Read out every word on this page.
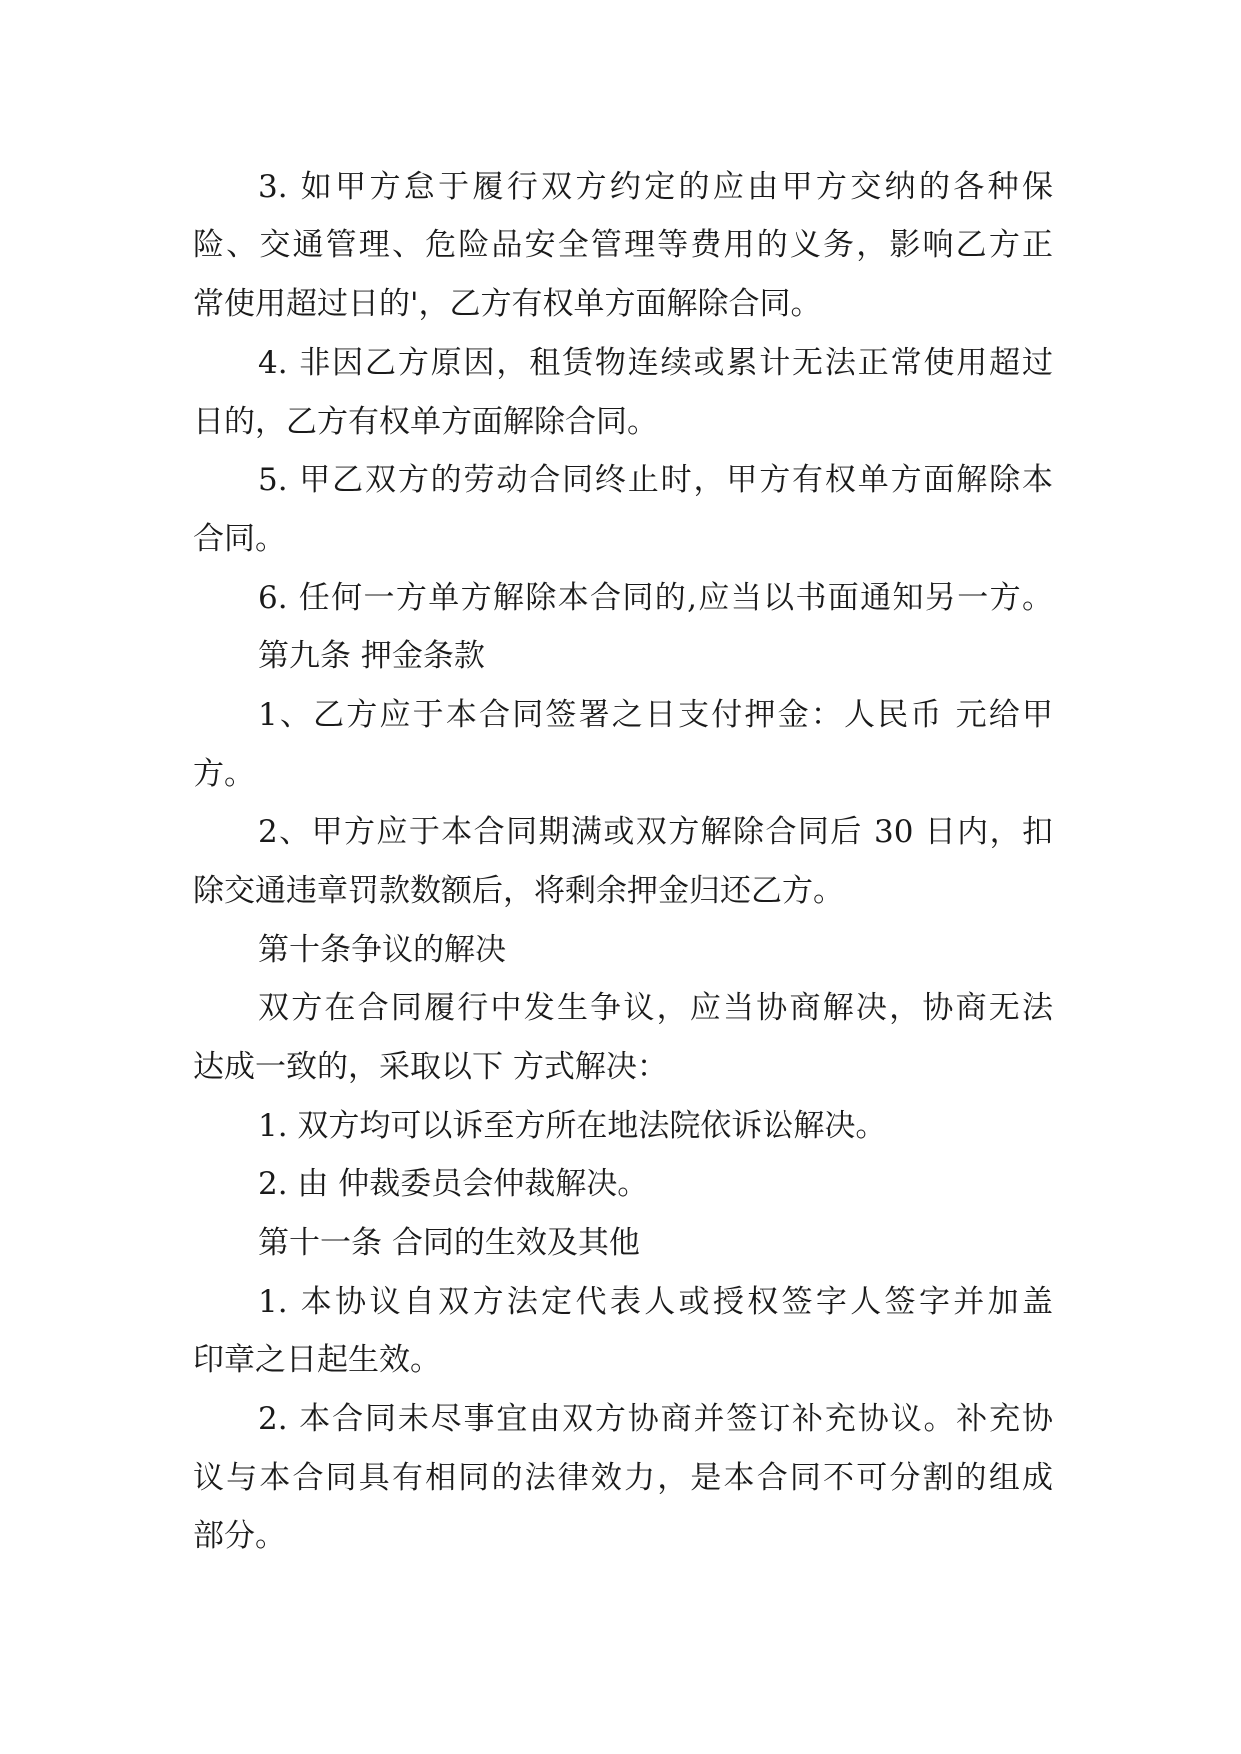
3. 如甲方怠于履行双方约定的应由甲方交纳的各种保
险、交通管理、危险品安全管理等费用的义务，影响乙方正
常使用超过日的'，乙方有权单方面解除合同。
4. 非因乙方原因，租赁物连续或累计无法正常使用超过
日的，乙方有权单方面解除合同。
5. 甲乙双方的劳动合同终止时，甲方有权单方面解除本
合同。
6. 任何一方单方解除本合同的,应当以书面通知另一方。
第九条 押金条款
1、乙方应于本合同签署之日支付押金：人民币 元给甲
方。
2、甲方应于本合同期满或双方解除合同后 30 日内，扣
除交通违章罚款数额后，将剩余押金归还乙方。
第十条争议的解决
双方在合同履行中发生争议，应当协商解决，协商无法
达成一致的，采取以下 方式解决：
1. 双方均可以诉至方所在地法院依诉讼解决。
2. 由 仲裁委员会仲裁解决。
第十一条 合同的生效及其他
1. 本协议自双方法定代表人或授权签字人签字并加盖
印章之日起生效。
2. 本合同未尽事宜由双方协商并签订补充协议。补充协
议与本合同具有相同的法律效力，是本合同不可分割的组成
部分。
